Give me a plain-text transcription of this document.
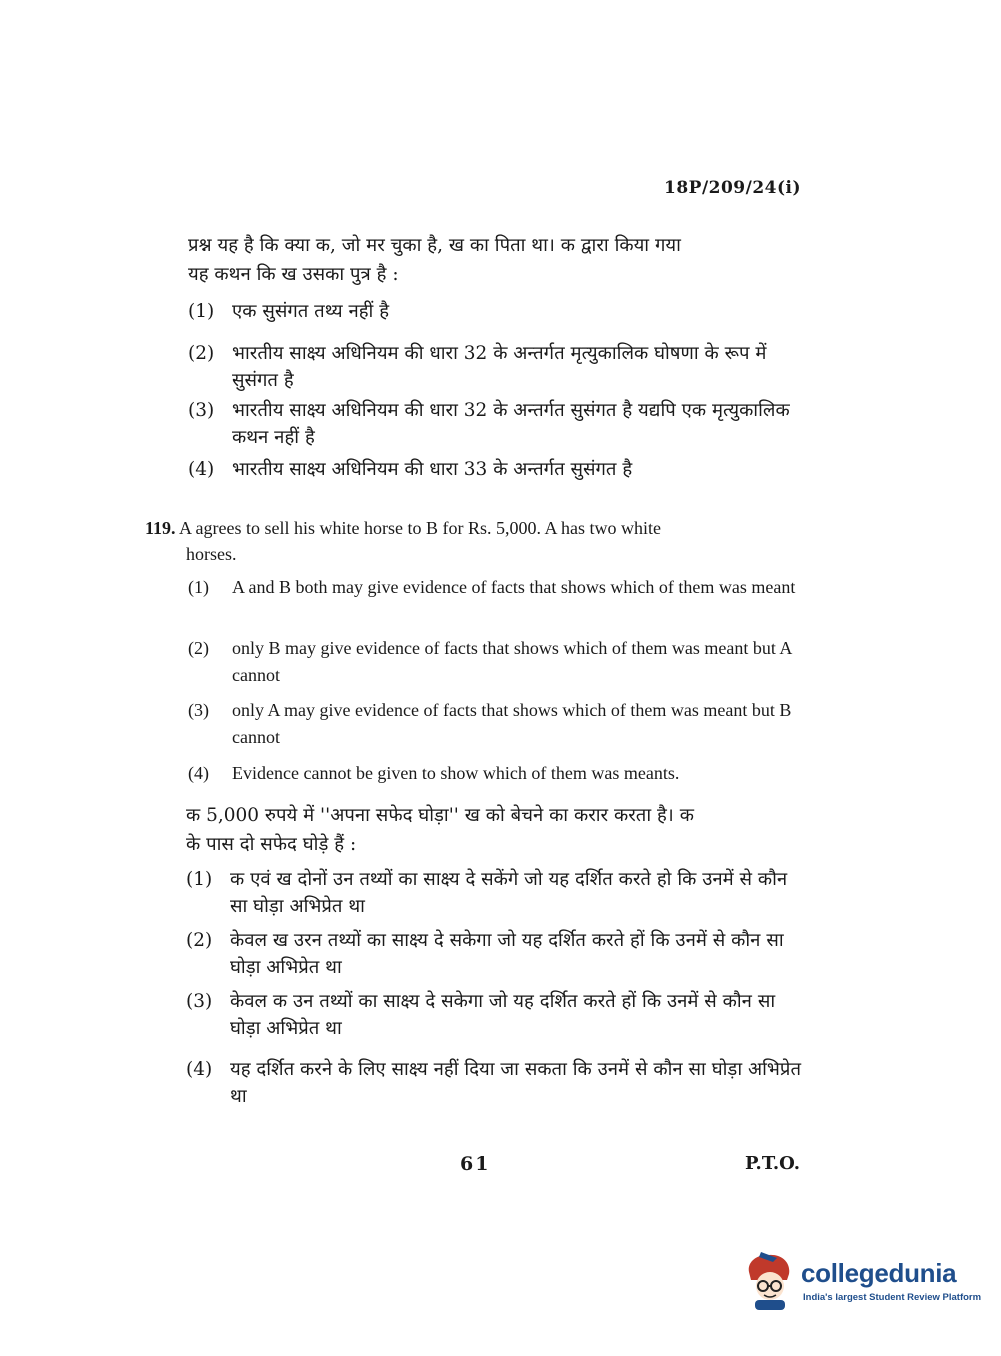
18P/209/24(i)
प्रश्न यह है कि क्या क, जो मर चुका है, ख का पिता था। क द्वारा किया गया
यह कथन कि ख उसका पुत्र है :
(1) एक सुसंगत तथ्य नहीं है
(2) भारतीय साक्ष्य अधिनियम की धारा 32 के अन्तर्गत मृत्युकालिक घोषणा के रूप में सुसंगत है
(3) भारतीय साक्ष्य अधिनियम की धारा 32 के अन्तर्गत सुसंगत है यद्यपि एक मृत्युकालिक कथन नहीं है
(4) भारतीय साक्ष्य अधिनियम की धारा 33 के अन्तर्गत सुसंगत है
119. A agrees to sell his white horse to B for Rs. 5,000. A has two white
horses.
(1) A and B both may give evidence of facts that shows which of them was meant
(2) only B may give evidence of facts that shows which of them was meant but A cannot
(3) only A may give evidence of facts that shows which of them was meant but B cannot
(4) Evidence cannot be given to show which of them was meants.
क 5,000 रुपये में ''अपना सफेद घोड़ा'' ख को बेचने का करार करता है। क
के पास दो सफेद घोड़े हैं :
(1) क एवं ख दोनों उन तथ्यों का साक्ष्य दे सकेंगे जो यह दर्शित करते हो कि उनमें से कौन सा घोड़ा अभिप्रेत था
(2) केवल ख उरन तथ्यों का साक्ष्य दे सकेगा जो यह दर्शित करते हों कि उनमें से कौन सा घोड़ा अभिप्रेत था
(3) केवल क उन तथ्यों का साक्ष्य दे सकेगा जो यह दर्शित करते हों कि उनमें से कौन सा घोड़ा अभिप्रेत था
(4) यह दर्शित करने के लिए साक्ष्य नहीं दिया जा सकता कि उनमें से कौन सा घोड़ा अभिप्रेत था
61	P.T.O.
collegedunia
India's largest Student Review Platform
